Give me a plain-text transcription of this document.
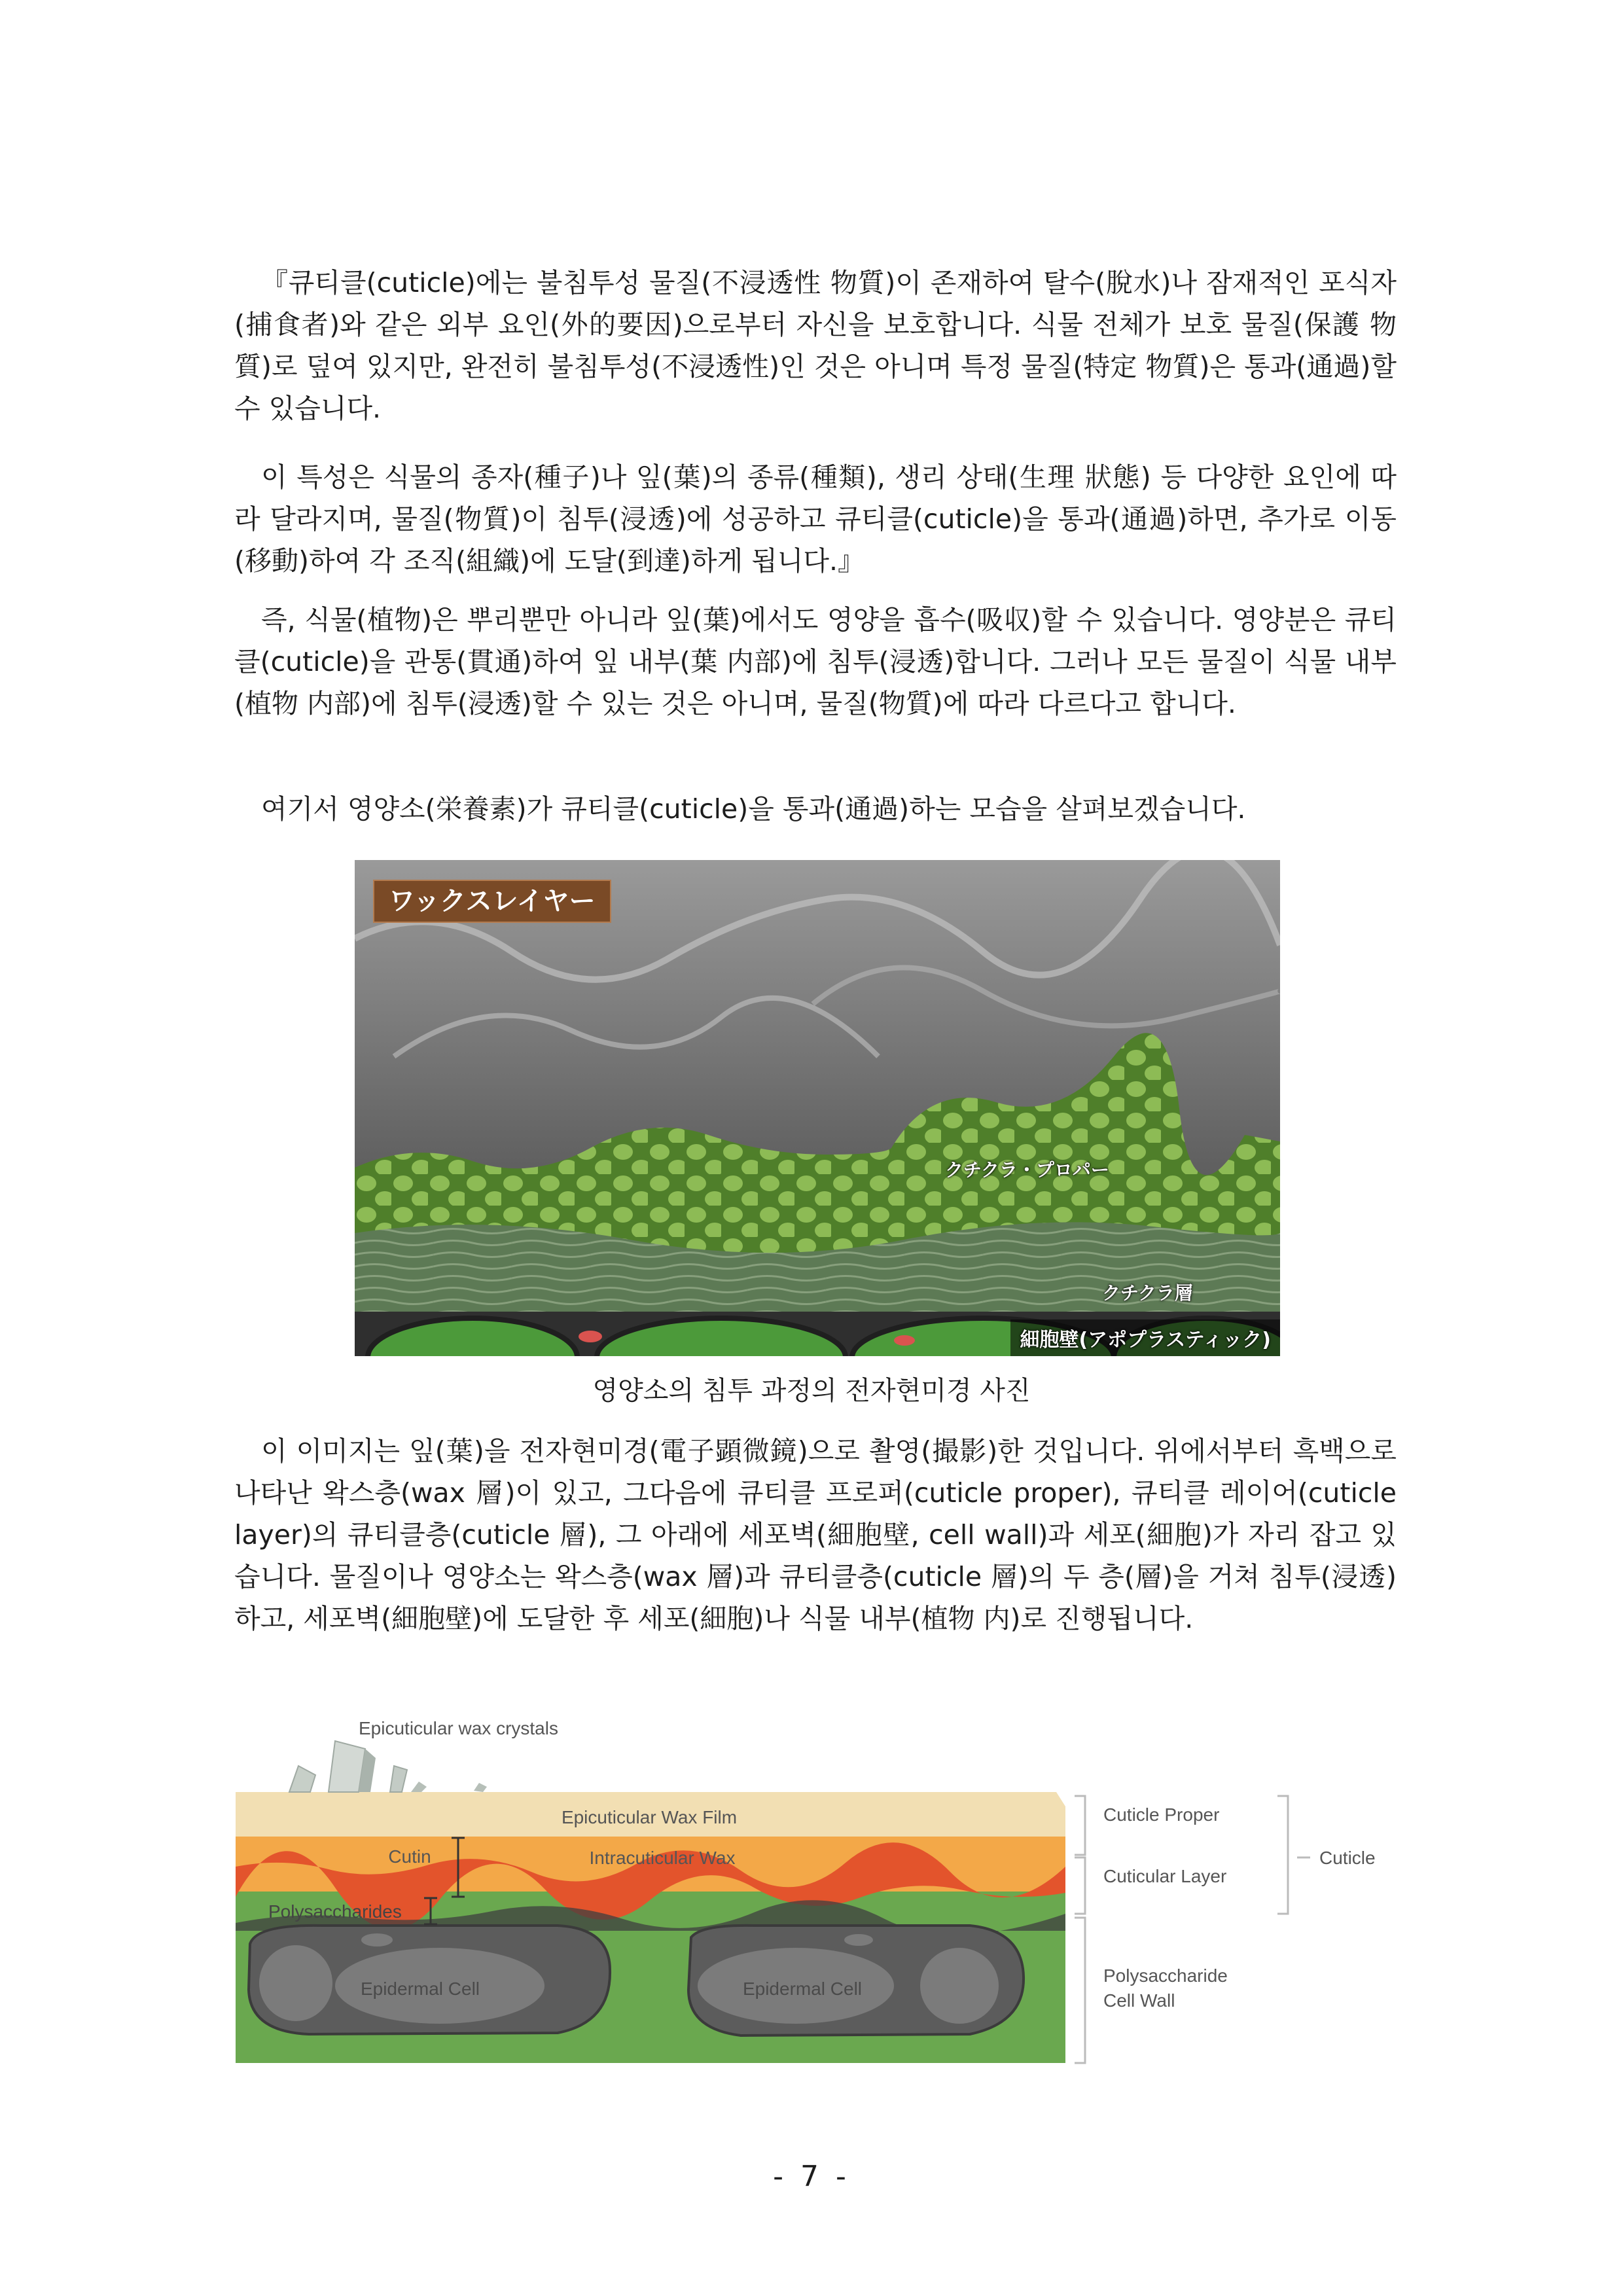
『큐티클(cuticle)에는 불침투성 물질(不浸透性 物質)이 존재하여 탈수(脫水)나 잠재적인 포식자(捕食者)와 같은 외부 요인(外的要因)으로부터 자신을 보호합니다. 식물 전체가 보호 물질(保護 物質)로 덮여 있지만, 완전히 불침투성(不浸透性)인 것은 아니며 특정 물질(特定 物質)은 통과(通過)할 수 있습니다.

이 특성은 식물의 종자(種子)나 잎(葉)의 종류(種類), 생리 상태(生理 狀態) 등 다양한 요인에 따라 달라지며, 물질(物質)이 침투(浸透)에 성공하고 큐티클(cuticle)을 통과(通過)하면, 추가로 이동(移動)하여 각 조직(組織)에 도달(到達)하게 됩니다.』

즉, 식물(植物)은 뿌리뿐만 아니라 잎(葉)에서도 영양을 흡수(吸収)할 수 있습니다. 영양분은 큐티클(cuticle)을 관통(貫通)하여 잎 내부(葉 内部)에 침투(浸透)합니다. 그러나 모든 물질이 식물 내부(植物 内部)에 침투(浸透)할 수 있는 것은 아니며, 물질(物質)에 따라 다르다고 합니다.

여기서 영양소(栄養素)가 큐티클(cuticle)을 통과(通過)하는 모습을 살펴보겠습니다.

ワックスレイヤー
クチクラ・プロパー
クチクラ層
細胞壁(アポプラスティック)
영양소의 침투 과정의 전자현미경 사진

이 이미지는 잎(葉)을 전자현미경(電子顕微鏡)으로 촬영(撮影)한 것입니다. 위에서부터 흑백으로 나타난 왁스층(wax 層)이 있고, 그다음에 큐티클 프로퍼(cuticle proper), 큐티클 레이어(cuticle layer)의 큐티클층(cuticle 層), 그 아래에 세포벽(細胞壁, cell wall)과 세포(細胞)가 자리 잡고 있습니다. 물질이나 영양소는 왁스층(wax 層)과 큐티클층(cuticle 層)의 두 층(層)을 거쳐 침투(浸透)하고, 세포벽(細胞壁)에 도달한 후 세포(細胞)나 식물 내부(植物 内)로 진행됩니다.

Epicuticular wax crystals
Epicuticular Wax Film
Cutin	Intracuticular Wax
Polysaccharides
Epidermal Cell	Epidermal Cell
Cuticle Proper
Cuticular Layer
Cuticle
Polysaccharide
Cell Wall
- 7 -
